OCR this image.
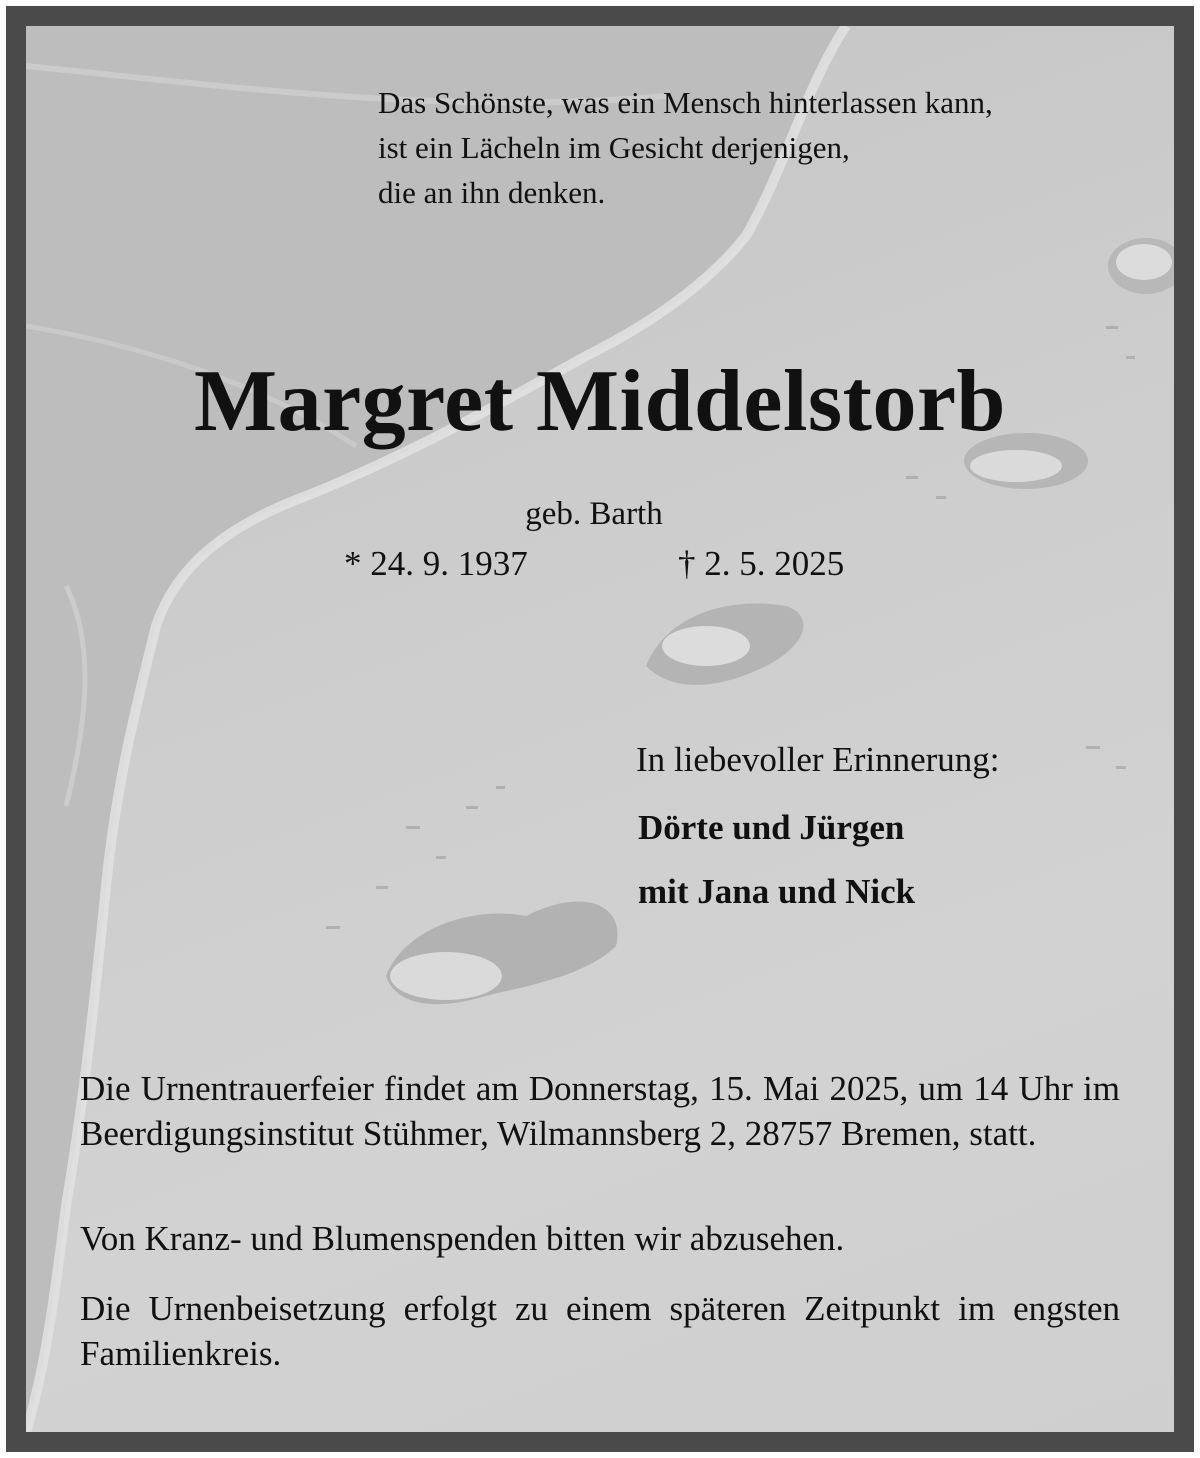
Das Schönste, was ein Mensch hinterlassen kann,
ist ein Lächeln im Gesicht derjenigen,
die an ihn denken.
Margret Middelstorb
geb. Barth
* 24. 9. 1937	† 2. 5. 2025
In liebevoller Erinnerung:
Dörte und Jürgen
mit Jana und Nick
Die Urnentrauerfeier findet am Donnerstag, 15. Mai 2025, um 14 Uhr im Beerdigungsinstitut Stühmer, Wilmannsberg 2, 28757 Bremen, statt.
Von Kranz- und Blumenspenden bitten wir abzusehen.
Die Urnenbeisetzung erfolgt zu einem späteren Zeitpunkt im engsten Familienkreis.
